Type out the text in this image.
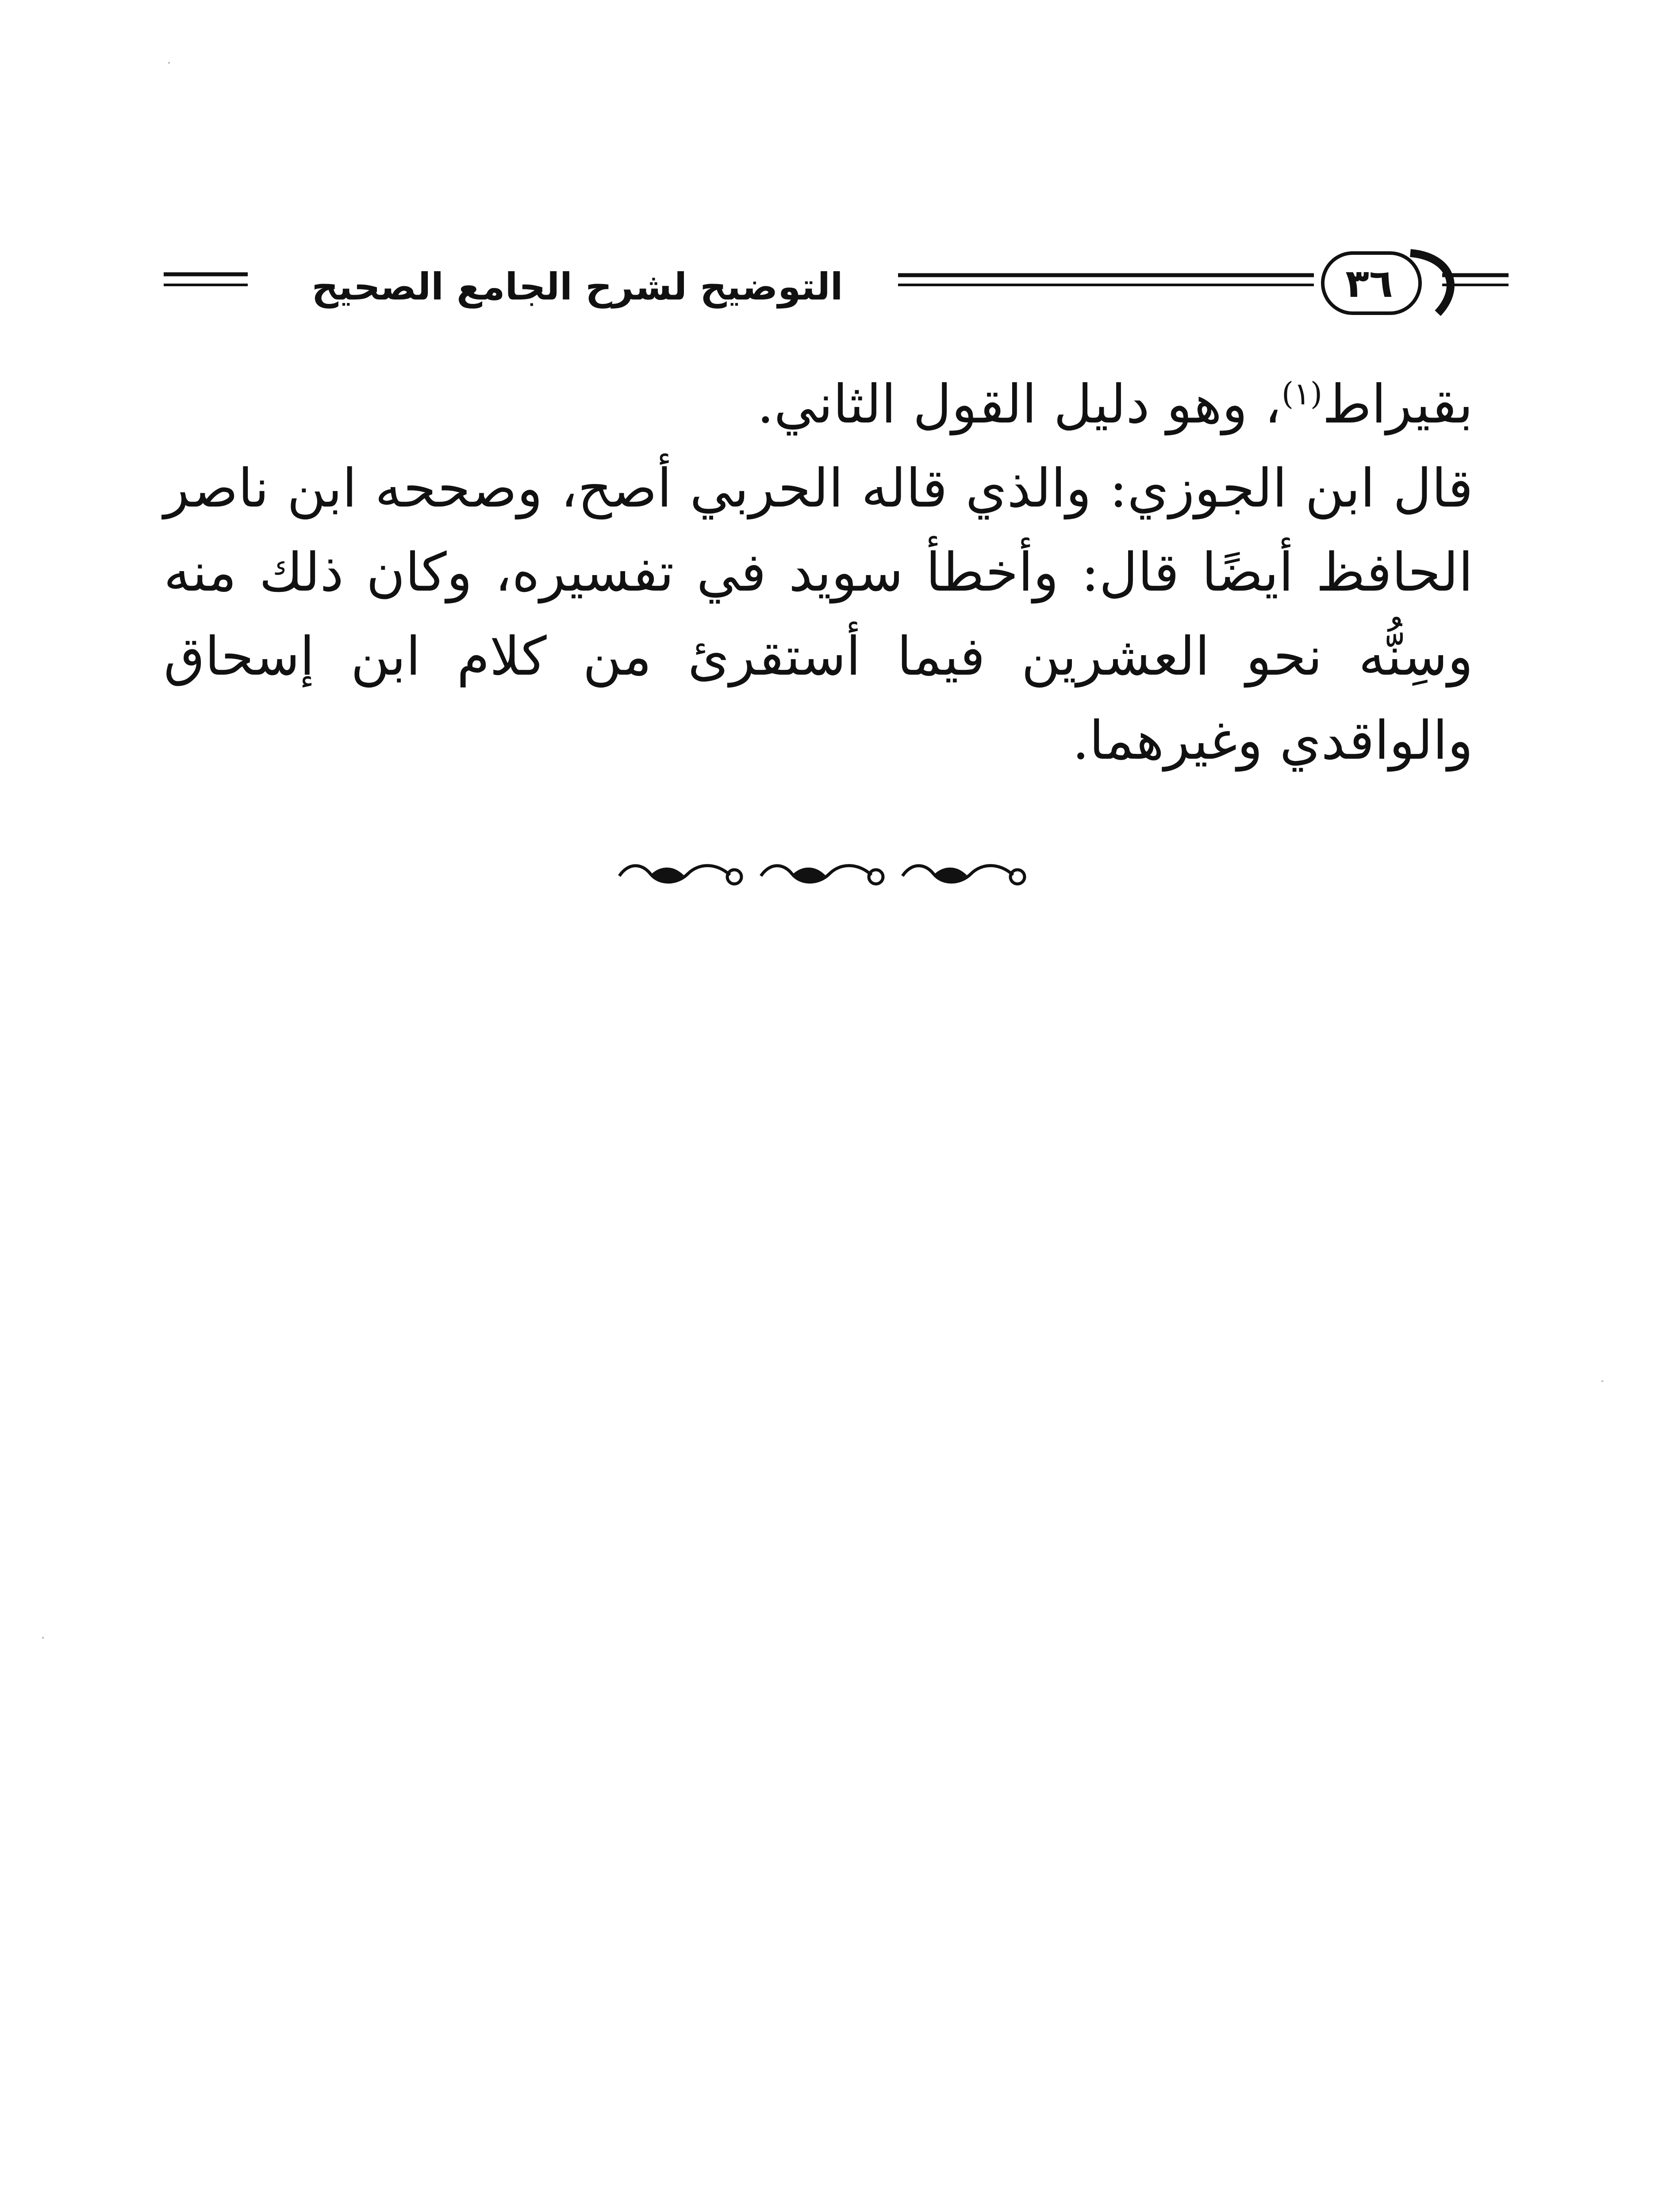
التوضيح لشرح الجامع الصحيح	٣٦

بقيراط$^{(١)}$، وهو دليل القول الثاني.

قال ابن الجوزي: والذي قاله الحربي أصح، وصححه ابن ناصر الحافظ أيضًا قال: وأخطأ سويد في تفسيره، وكان ذلك منه وسِنُّه نحو العشرين فيما أستقرئ من كلام ابن إسحاق والواقدي وغيرهما.
